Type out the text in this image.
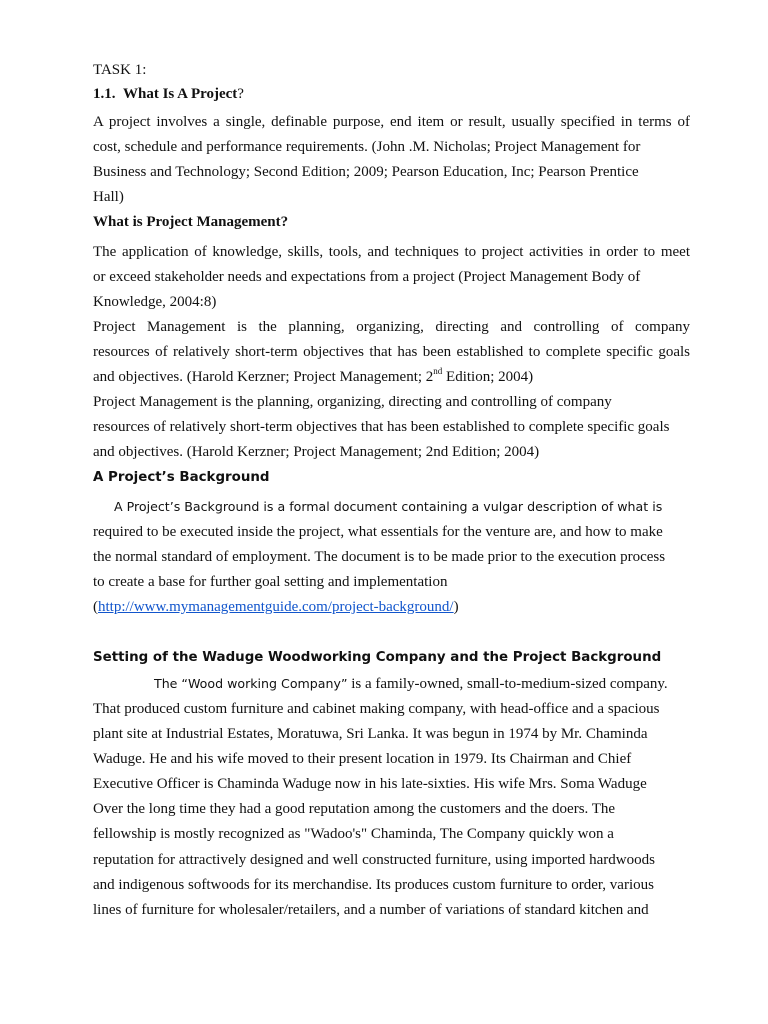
TASK 1:

1.1. What Is A Project?

A project involves a single, definable purpose, end item or result, usually specified in terms of

cost, schedule and performance requirements. (John .M. Nicholas; Project Management for

Business and Technology; Second Edition; 2009; Pearson Education, Inc; Pearson Prentice

Hall)

What is Project Management?

The application of knowledge, skills, tools, and techniques to project activities in order to meet

or exceed stakeholder needs and expectations from a project (Project Management Body of

Knowledge, 2004:8)

Project Management is the planning, organizing, directing and controlling of company

resources of relatively short-term objectives that has been established to complete specific goals

and objectives. (Harold Kerzner; Project Management; 2nd Edition; 2004)

Project Management is the planning, organizing, directing and controlling of company

resources of relatively short-term objectives that has been established to complete specific goals

and objectives. (Harold Kerzner; Project Management; 2nd Edition; 2004)

A Project’s Background

A Project’s Background is a formal document containing a vulgar description of what is

required to be executed inside the project, what essentials for the venture are, and how to make

the normal standard of employment. The document is to be made prior to the execution process

to create a base for further goal setting and implementation

(http://www.mymanagementguide.com/project-background/)

Setting of the Waduge Woodworking Company and the Project Background

The “Wood working Company” is a family-owned, small-to-medium-sized company.

That produced custom furniture and cabinet making company, with head-office and a spacious

plant site at Industrial Estates, Moratuwa, Sri Lanka. It was begun in 1974 by Mr. Chaminda

Waduge. He and his wife moved to their present location in 1979. Its Chairman and Chief

Executive Officer is Chaminda Waduge now in his late-sixties. His wife Mrs. Soma Waduge

Over the long time they had a good reputation among the customers and the doers. The

fellowship is mostly recognized as "Wadoo's" Chaminda, The Company quickly won a

reputation for attractively designed and well constructed furniture, using imported hardwoods

and indigenous softwoods for its merchandise. Its produces custom furniture to order, various

lines of furniture for wholesaler/retailers, and a number of variations of standard kitchen and
